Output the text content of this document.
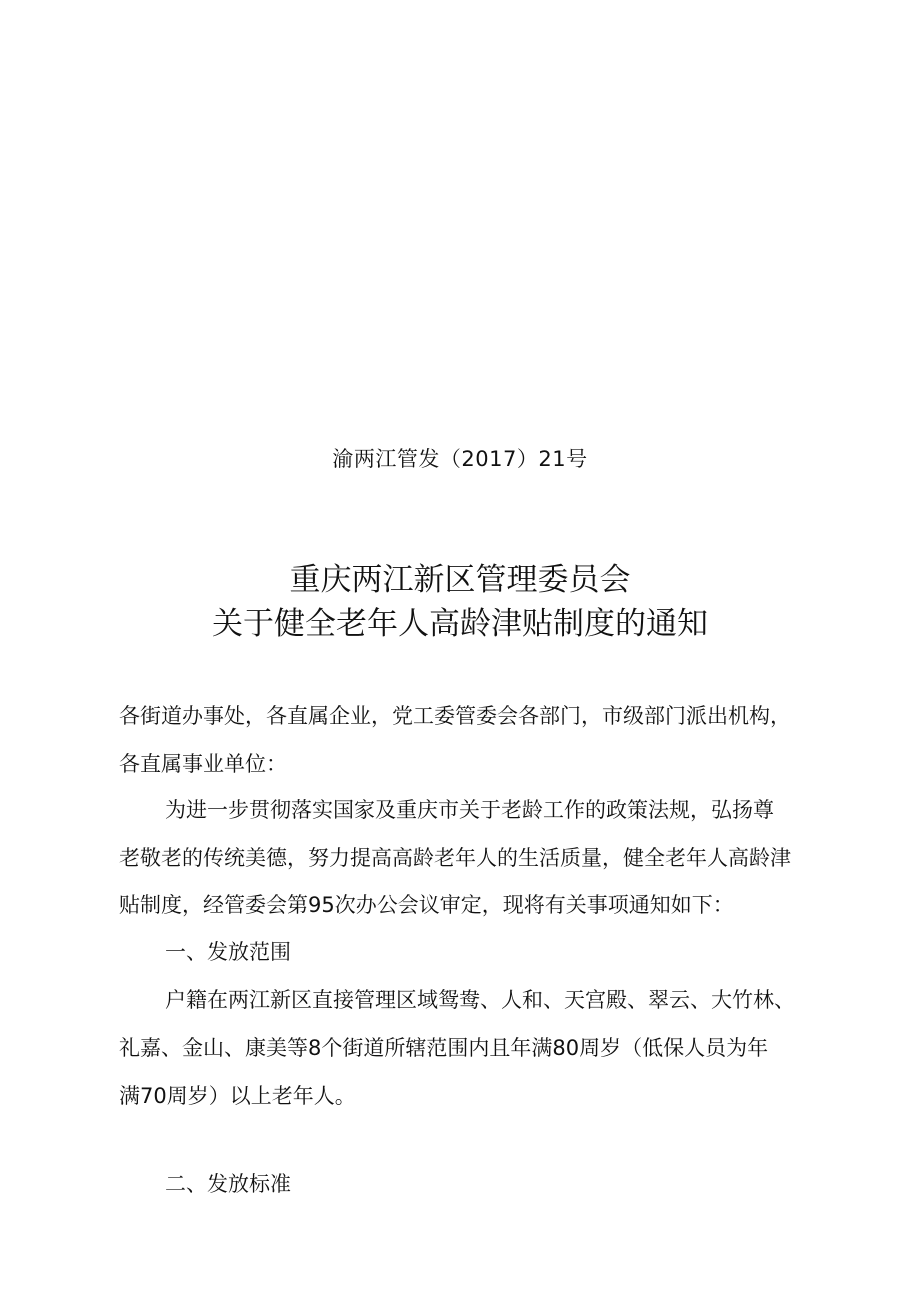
渝两江管发（2017）21号
重庆两江新区管理委员会
关于健全老年人高龄津贴制度的通知
各街道办事处，各直属企业，党工委管委会各部门，市级部门派出机构，
各直属事业单位：
为进一步贯彻落实国家及重庆市关于老龄工作的政策法规，弘扬尊
老敬老的传统美德，努力提高高龄老年人的生活质量，健全老年人高龄津
贴制度，经管委会第95次办公会议审定，现将有关事项通知如下：
一、发放范围
户籍在两江新区直接管理区域鸳鸯、人和、天宫殿、翠云、大竹林、
礼嘉、金山、康美等8个街道所辖范围内且年满80周岁（低保人员为年
满70周岁）以上老年人。
二、发放标准
